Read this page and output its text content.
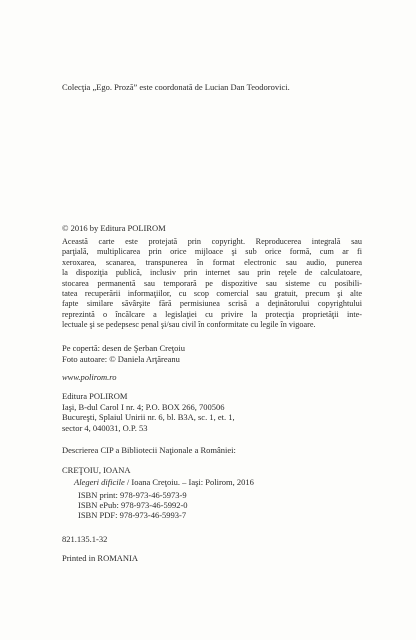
Colecţia „Ego. Proză” este coordonată de Lucian Dan Teodorovici.

© 2016 by Editura POLIROM

Această carte este protejată prin copyright. Reproducerea integrală sau
parţială, multiplicarea prin orice mijloace şi sub orice formă, cum ar fi
xeroxarea, scanarea, transpunerea în format electronic sau audio, punerea
la dispoziţia publică, inclusiv prin internet sau prin reţele de calculatoare,
stocarea permanentă sau temporară pe dispozitive sau sisteme cu posibili-
tatea recuperării informaţiilor, cu scop comercial sau gratuit, precum şi alte
fapte similare săvârşite fără permisiunea scrisă a deţinătorului copyrightului
reprezintă o încălcare a legislaţiei cu privire la protecţia proprietăţii inte-
lectuale şi se pedepsesc penal şi/sau civil în conformitate cu legile în vigoare.

Pe copertă: desen de Şerban Creţoiu
Foto autoare: © Daniela Arţăreanu
www.polirom.ro
Editura POLIROM
Iaşi, B-dul Carol I nr. 4; P.O. BOX 266, 700506
Bucureşti, Splaiul Unirii nr. 6, bl. B3A, sc. 1, et. 1,
sector 4, 040031, O.P. 53
Descrierea CIP a Bibliotecii Naţionale a României:
CREŢOIU, IOANA
Alegeri dificile / Ioana Creţoiu. – Iaşi: Polirom, 2016
ISBN print: 978-973-46-5973-9
ISBN ePub: 978-973-46-5992-0
ISBN PDF: 978-973-46-5993-7
821.135.1-32
Printed in ROMANIA
